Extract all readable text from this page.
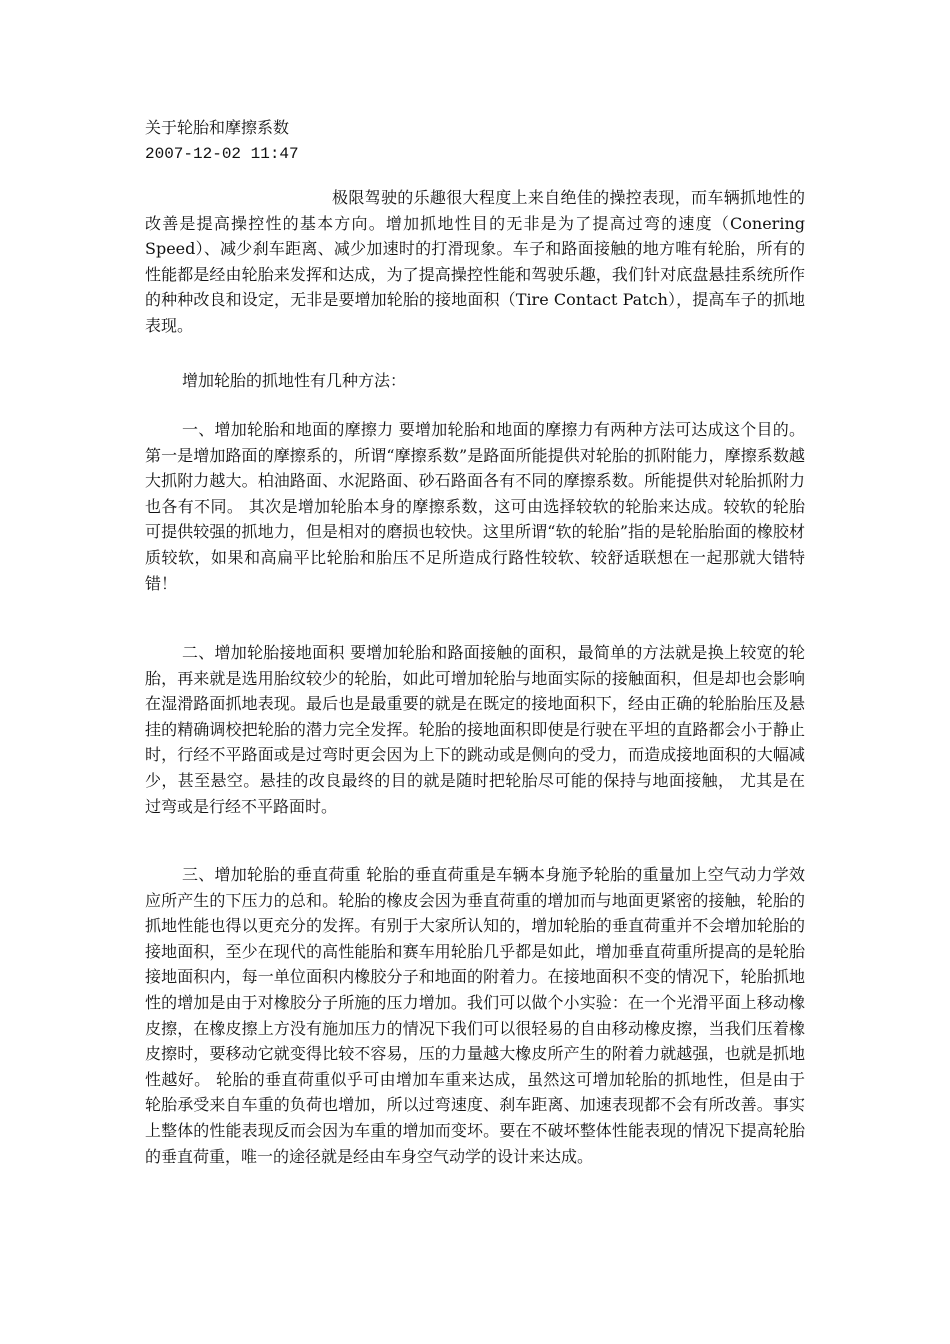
关于轮胎和摩擦系数
2007-12-02 11:47

极限驾驶的乐趣很大程度上来自绝佳的操控表现，而车辆抓地性的改善是提高操控性的基本方向。增加抓地性目的无非是为了提高过弯的速度（Conering Speed）、减少刹车距离、减少加速时的打滑现象。车子和路面接触的地方唯有轮胎，所有的性能都是经由轮胎来发挥和达成，为了提高操控性能和驾驶乐趣，我们针对底盘悬挂系统所作的种种改良和设定，无非是要增加轮胎的接地面积（Tire Contact Patch），提高车子的抓地表现。

增加轮胎的抓地性有几种方法：

一、增加轮胎和地面的摩擦力 要增加轮胎和地面的摩擦力有两种方法可达成这个目的。第一是增加路面的摩擦系的，所谓“摩擦系数”是路面所能提供对轮胎的抓附能力，摩擦系数越大抓附力越大。柏油路面、水泥路面、砂石路面各有不同的摩擦系数。所能提供对轮胎抓附力也各有不同。 其次是增加轮胎本身的摩擦系数，这可由选择较软的轮胎来达成。较软的轮胎可提供较强的抓地力，但是相对的磨损也较快。这里所谓“软的轮胎”指的是轮胎胎面的橡胶材质较软，如果和高扁平比轮胎和胎压不足所造成行路性较软、较舒适联想在一起那就大错特错！

二、增加轮胎接地面积 要增加轮胎和路面接触的面积，最简单的方法就是换上较宽的轮胎，再来就是选用胎纹较少的轮胎，如此可增加轮胎与地面实际的接触面积，但是却也会影响在湿滑路面抓地表现。最后也是最重要的就是在既定的接地面积下，经由正确的轮胎胎压及悬挂的精确调校把轮胎的潜力完全发挥。轮胎的接地面积即使是行驶在平坦的直路都会小于静止时，行经不平路面或是过弯时更会因为上下的跳动或是侧向的受力，而造成接地面积的大幅减少，甚至悬空。悬挂的改良最终的目的就是随时把轮胎尽可能的保持与地面接触， 尤其是在过弯或是行经不平路面时。

三、增加轮胎的垂直荷重 轮胎的垂直荷重是车辆本身施予轮胎的重量加上空气动力学效应所产生的下压力的总和。轮胎的橡皮会因为垂直荷重的增加而与地面更紧密的接触，轮胎的抓地性能也得以更充分的发挥。有别于大家所认知的，增加轮胎的垂直荷重并不会增加轮胎的接地面积，至少在现代的高性能胎和赛车用轮胎几乎都是如此，增加垂直荷重所提高的是轮胎接地面积内，每一单位面积内橡胶分子和地面的附着力。在接地面积不变的情况下，轮胎抓地性的增加是由于对橡胶分子所施的压力增加。我们可以做个小实验：在一个光滑平面上移动橡皮擦，在橡皮擦上方没有施加压力的情况下我们可以很轻易的自由移动橡皮擦，当我们压着橡皮擦时，要移动它就变得比较不容易，压的力量越大橡皮所产生的附着力就越强，也就是抓地性越好。 轮胎的垂直荷重似乎可由增加车重来达成，虽然这可增加轮胎的抓地性，但是由于轮胎承受来自车重的负荷也增加，所以过弯速度、刹车距离、加速表现都不会有所改善。事实上整体的性能表现反而会因为车重的增加而变坏。要在不破坏整体性能表现的情况下提高轮胎的垂直荷重，唯一的途径就是经由车身空气动学的设计来达成。
